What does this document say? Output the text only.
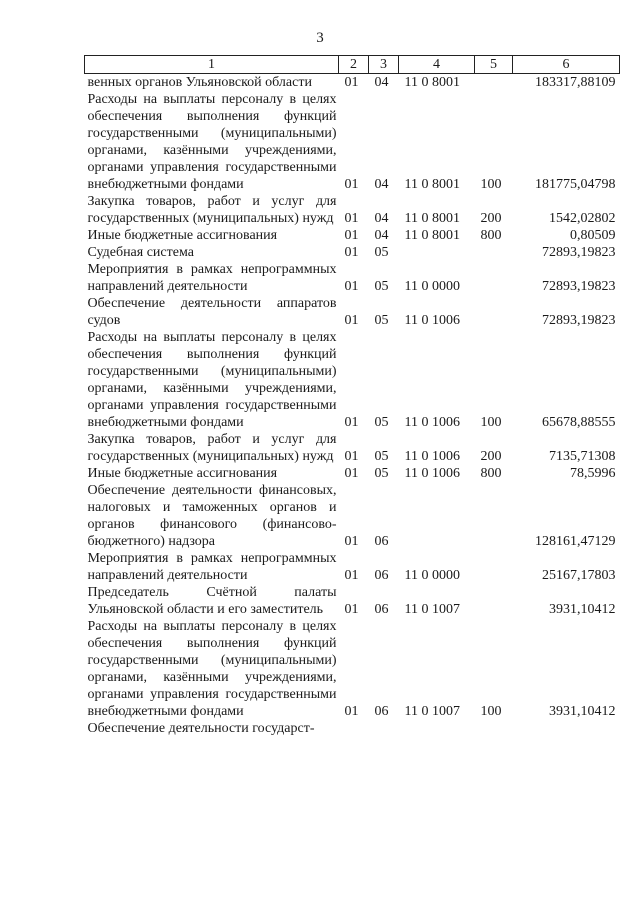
3
1	2	3	4	5	6
венных органов Ульяновской области	01	04	11 0 8001		183317,88109
Расходы на выплаты персоналу в целях обеспечения выполнения функций государственными (муниципальными) органами, казёнными учреждениями, органами управления государственными внебюджетными фондами	01	04	11 0 8001	100	181775,04798
Закупка товаров, работ и услуг для государственных (муниципальных) нужд	01	04	11 0 8001	200	1542,02802
Иные бюджетные ассигнования	01	04	11 0 8001	800	0,80509
Судебная система	01	05			72893,19823
Мероприятия в рамках непрограммных направлений деятельности	01	05	11 0 0000		72893,19823
Обеспечение деятельности аппаратов судов	01	05	11 0 1006		72893,19823
Расходы на выплаты персоналу в целях обеспечения выполнения функций государственными (муниципальными) органами, казёнными учреждениями, органами управления государственными внебюджетными фондами	01	05	11 0 1006	100	65678,88555
Закупка товаров, работ и услуг для государственных (муниципальных) нужд	01	05	11 0 1006	200	7135,71308
Иные бюджетные ассигнования	01	05	11 0 1006	800	78,5996
Обеспечение деятельности финансовых, налоговых и таможенных органов и органов финансового (финансово-бюджетного) надзора	01	06			128161,47129
Мероприятия в рамках непрограммных направлений деятельности	01	06	11 0 0000		25167,17803
Председатель Счётной палаты Ульяновской области и его заместитель	01	06	11 0 1007		3931,10412
Расходы на выплаты персоналу в целях обеспечения выполнения функций государственными (муниципальными) органами, казёнными учреждениями, органами управления государственными внебюджетными фондами	01	06	11 0 1007	100	3931,10412
Обеспечение деятельности государст-					
